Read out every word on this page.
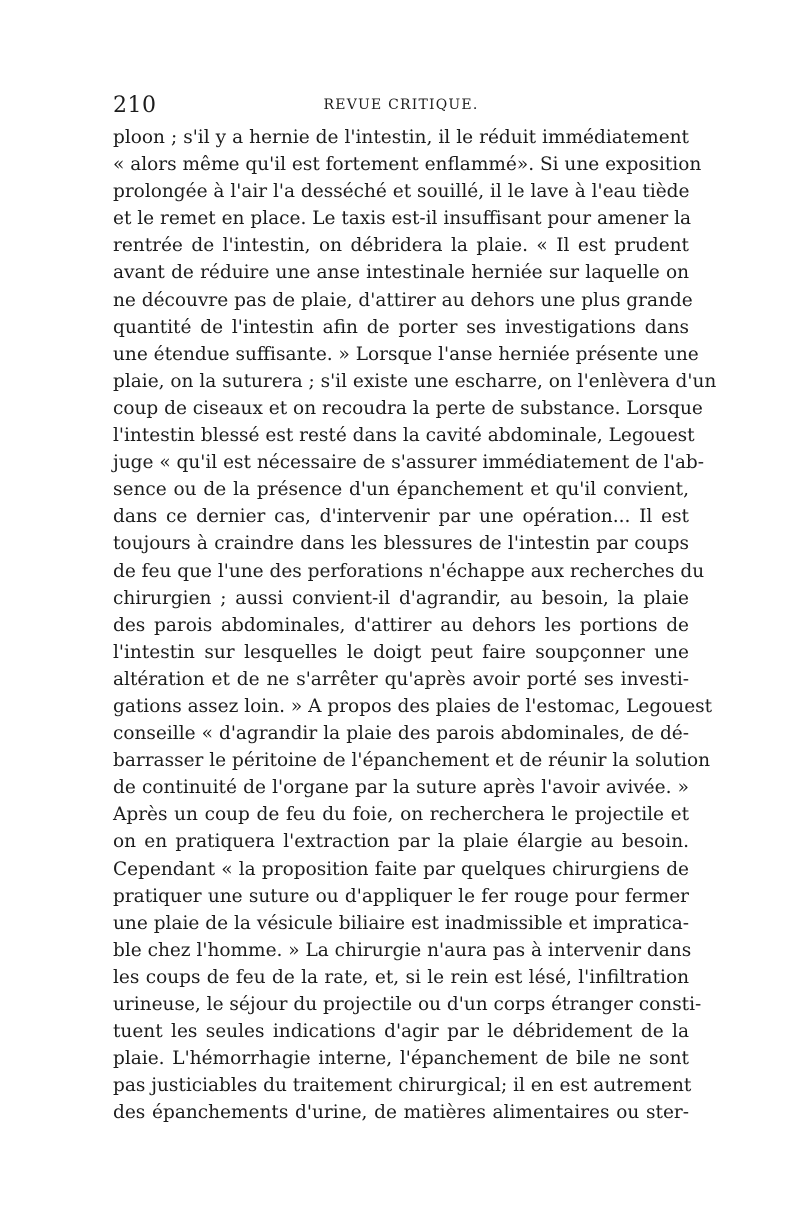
210	REVUE CRITIQUE.
ploon ; s'il y a hernie de l'intestin, il le réduit immédiatement
« alors même qu'il est fortement enflammé». Si une exposition
prolongée à l'air l'a desséché et souillé, il le lave à l'eau tiède
et le remet en place. Le taxis est-il insuffisant pour amener la
rentrée de l'intestin, on débridera la plaie. « Il est prudent
avant de réduire une anse intestinale herniée sur laquelle on
ne découvre pas de plaie, d'attirer au dehors une plus grande
quantité de l'intestin afin de porter ses investigations dans
une étendue suffisante. » Lorsque l'anse herniée présente une
plaie, on la suturera ; s'il existe une escharre, on l'enlèvera d'un
coup de ciseaux et on recoudra la perte de substance. Lorsque
l'intestin blessé est resté dans la cavité abdominale, Legouest
juge « qu'il est nécessaire de s'assurer immédiatement de l'ab-
sence ou de la présence d'un épanchement et qu'il convient,
dans ce dernier cas, d'intervenir par une opération... Il est
toujours à craindre dans les blessures de l'intestin par coups
de feu que l'une des perforations n'échappe aux recherches du
chirurgien ; aussi convient-il d'agrandir, au besoin, la plaie
des parois abdominales, d'attirer au dehors les portions de
l'intestin sur lesquelles le doigt peut faire soupçonner une
altération et de ne s'arrêter qu'après avoir porté ses investi-
gations assez loin. » A propos des plaies de l'estomac, Legouest
conseille « d'agrandir la plaie des parois abdominales, de dé-
barrasser le péritoine de l'épanchement et de réunir la solution
de continuité de l'organe par la suture après l'avoir avivée. »
Après un coup de feu du foie, on recherchera le projectile et
on en pratiquera l'extraction par la plaie élargie au besoin.
Cependant « la proposition faite par quelques chirurgiens de
pratiquer une suture ou d'appliquer le fer rouge pour fermer
une plaie de la vésicule biliaire est inadmissible et impratica-
ble chez l'homme. » La chirurgie n'aura pas à intervenir dans
les coups de feu de la rate, et, si le rein est lésé, l'infiltration
urineuse, le séjour du projectile ou d'un corps étranger consti-
tuent les seules indications d'agir par le débridement de la
plaie. L'hémorrhagie interne, l'épanchement de bile ne sont
pas justiciables du traitement chirurgical; il en est autrement
des épanchements d'urine, de matières alimentaires ou ster-
